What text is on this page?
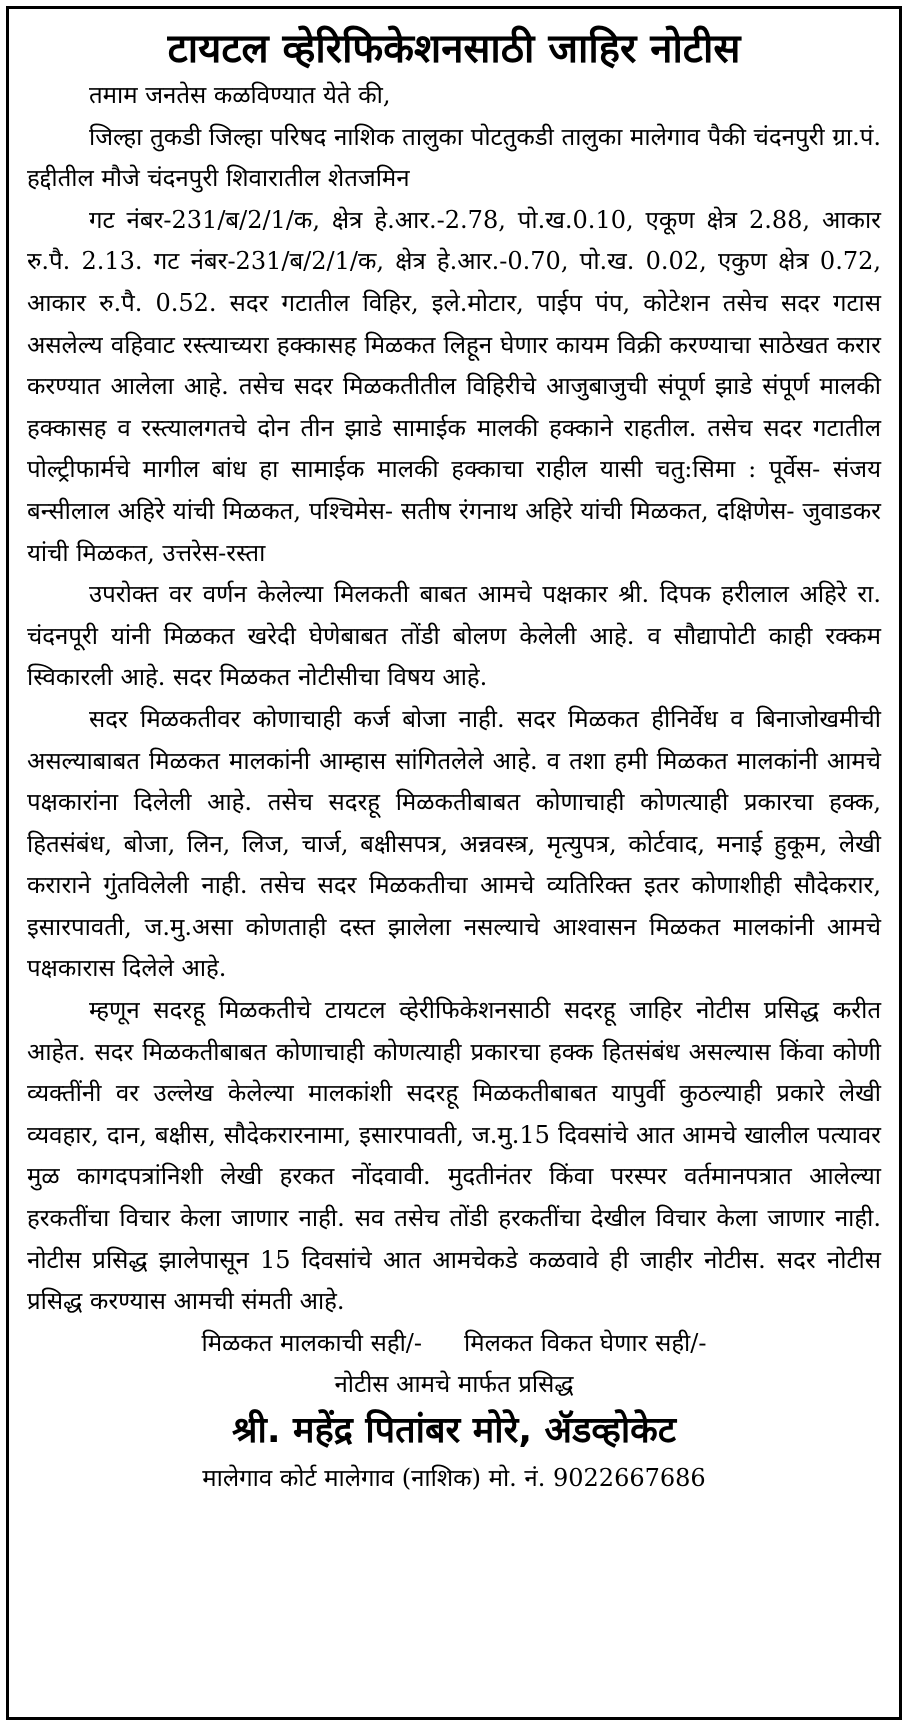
टायटल व्हेरिफिकेशनसाठी जाहिर नोटीस

तमाम जनतेस कळविण्यात येते की,

जिल्हा तुकडी जिल्हा परिषद नाशिक तालुका पोटतुकडी तालुका मालेगाव पैकी चंदनपुरी ग्रा.पं. हद्दीतील मौजे चंदनपुरी शिवारातील शेतजमिन

गट नंबर-231/ब/2/1/क, क्षेत्र हे.आर.-2.78, पो.ख.0.10, एकूण क्षेत्र 2.88, आकार रु.पै. 2.13. गट नंबर-231/ब/2/1/क, क्षेत्र हे.आर.-0.70, पो.ख. 0.02, एकुण क्षेत्र 0.72, आकार रु.पै. 0.52. सदर गटातील विहिर, इले.मोटार, पाईप पंप, कोटेशन तसेच सदर गटास असलेल्य वहिवाट रस्त्याच्यरा हक्कासह मिळकत लिहून घेणार कायम विक्री करण्याचा साठेखत करार करण्यात आलेला आहे. तसेच सदर मिळकतीतील विहिरीचे आजुबाजुची संपूर्ण झाडे संपूर्ण मालकी हक्कासह व रस्त्यालगतचे दोन तीन झाडे सामाईक मालकी हक्काने राहतील. तसेच सदर गटातील पोल्ट्रीफार्मचे मागील बांध हा सामाईक मालकी हक्काचा राहील यासी चतु:सिमा : पूर्वेस- संजय बन्सीलाल अहिरे यांची मिळकत, पश्चिमेस- सतीष रंगनाथ अहिरे यांची मिळकत, दक्षिणेस- जुवाडकर यांची मिळकत, उत्तरेस-रस्ता

उपरोक्त वर वर्णन केलेल्या मिलकती बाबत आमचे पक्षकार श्री. दिपक हरीलाल अहिरे रा. चंदनपूरी यांनी मिळकत खरेदी घेणेबाबत तोंडी बोलण केलेली आहे. व सौद्यापोटी काही रक्कम स्विकारली आहे. सदर मिळकत नोटीसीचा विषय आहे.

सदर मिळकतीवर कोणाचाही कर्ज बोजा नाही. सदर मिळकत हीनिर्वेध व बिनाजोखमीची असल्याबाबत मिळकत मालकांनी आम्हास सांगितलेले आहे. व तशा हमी मिळकत मालकांनी आमचे पक्षकारांना दिलेली आहे. तसेच सदरहू मिळकतीबाबत कोणाचाही कोणत्याही प्रकारचा हक्क, हितसंबंध, बोजा, लिन, लिज, चार्ज, बक्षीसपत्र, अन्नवस्त्र, मृत्युपत्र, कोर्टवाद, मनाई हुकूम, लेखी कराराने गुंतविलेली नाही. तसेच सदर मिळकतीचा आमचे व्यतिरिक्त इतर कोणाशीही सौदेकरार, इसारपावती, ज.मु.असा कोणताही दस्त झालेला नसल्याचे आश्वासन मिळकत मालकांनी आमचे पक्षकारास दिलेले आहे.

म्हणून सदरहू मिळकतीचे टायटल व्हेरीफिकेशनसाठी सदरहू जाहिर नोटीस प्रसिद्ध करीत आहेत. सदर मिळकतीबाबत कोणाचाही कोणत्याही प्रकारचा हक्क हितसंबंध असल्यास किंवा कोणी व्यक्तींनी वर उल्लेख केलेल्या मालकांशी सदरहू मिळकतीबाबत यापुर्वी कुठल्याही प्रकारे लेखी व्यवहार, दान, बक्षीस, सौदेकरारनामा, इसारपावती, ज.मु.15 दिवसांचे आत आमचे खालील पत्यावर मुळ कागदपत्रांनिशी लेखी हरकत नोंदवावी. मुदतीनंतर किंवा परस्पर वर्तमानपत्रात आलेल्या हरकतींचा विचार केला जाणार नाही. सव तसेच तोंडी हरकतींचा देखील विचार केला जाणार नाही. नोटीस प्रसिद्ध झालेपासून 15 दिवसांचे आत आमचेकडे कळवावे ही जाहीर नोटीस. सदर नोटीस प्रसिद्ध करण्यास आमची संमती आहे.

मिळकत मालकाची सही/- मिलकत विकत घेणार सही/-
नोटीस आमचे मार्फत प्रसिद्ध
श्री. महेंद्र पितांबर मोरे, ॲडव्होकेट
मालेगाव कोर्ट मालेगाव (नाशिक) मो. नं. 9022667686
